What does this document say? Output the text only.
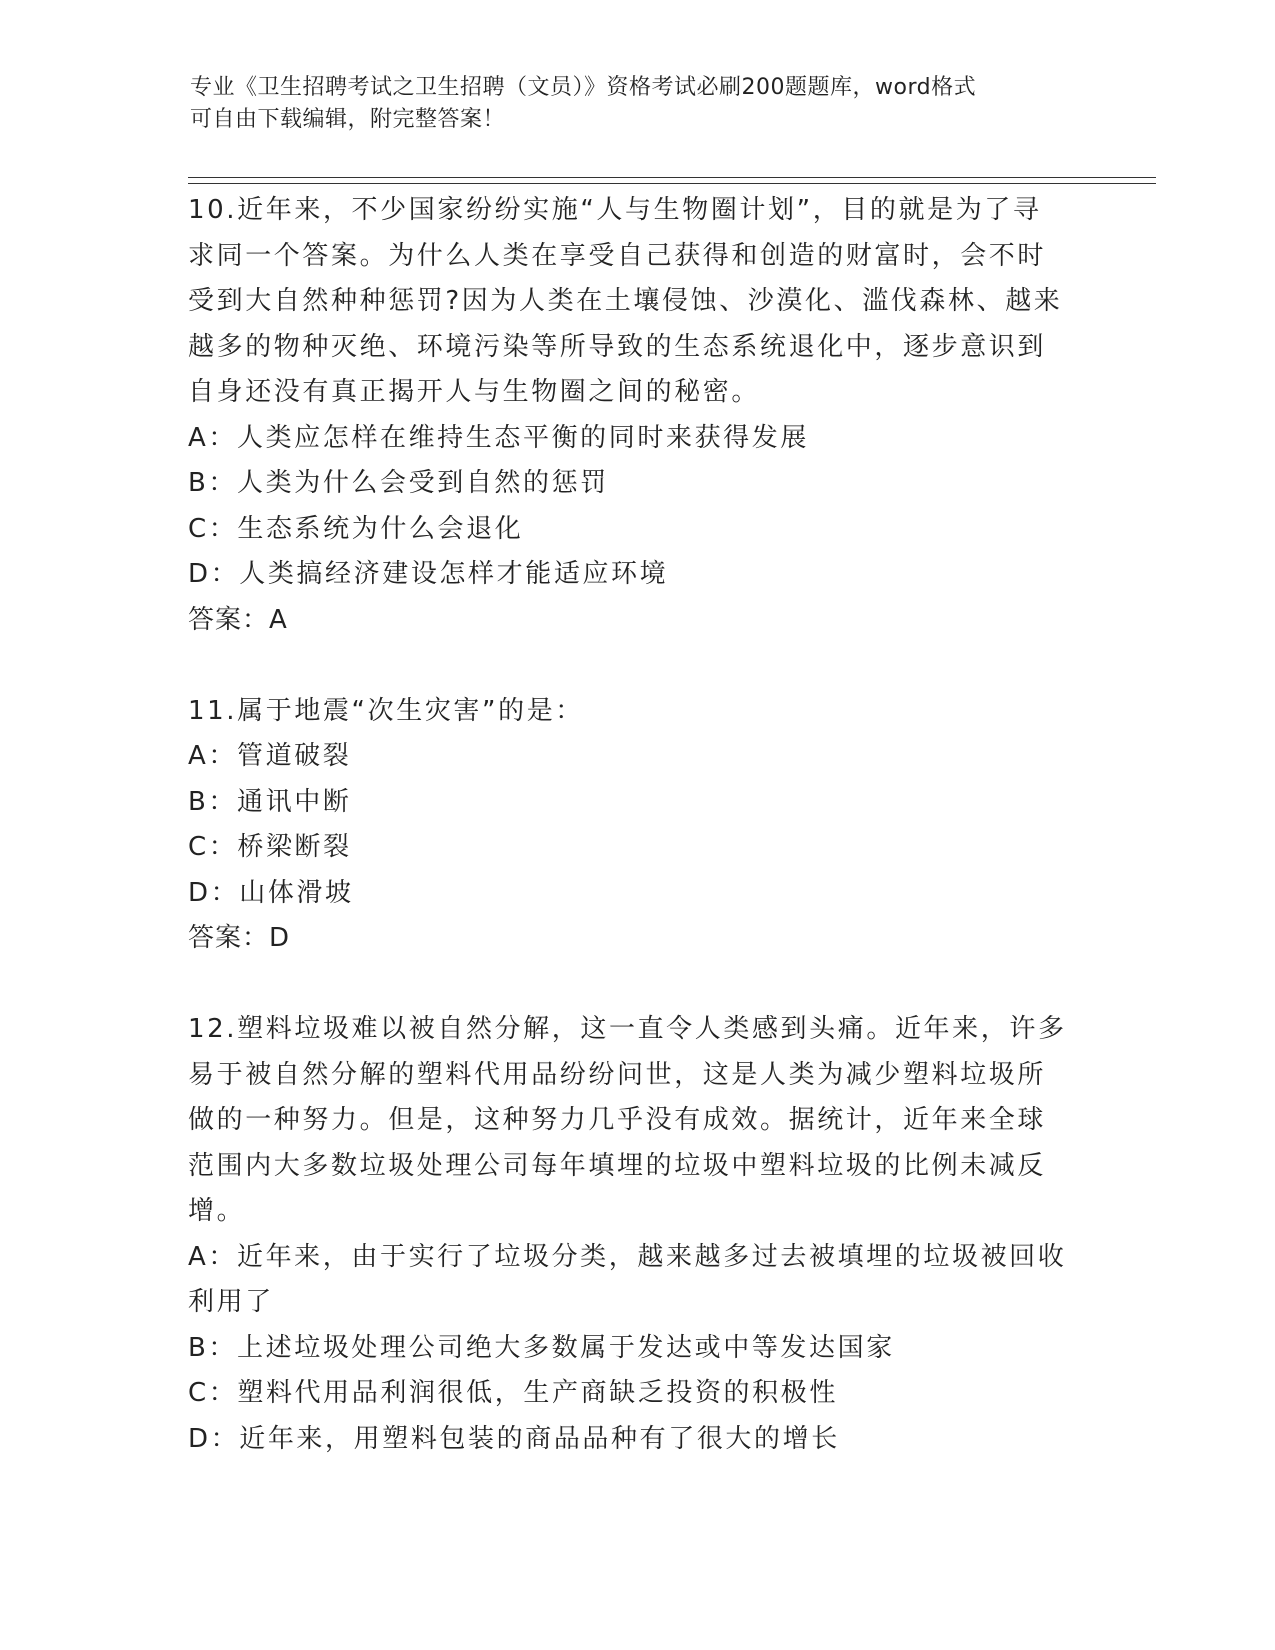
专业《卫生招聘考试之卫生招聘（文员）》资格考试必刷200题题库，word格式
可自由下载编辑，附完整答案！

10.近年来，不少国家纷纷实施“人与生物圈计划”，目的就是为了寻

求同一个答案。为什么人类在享受自己获得和创造的财富时，会不时

受到大自然种种惩罚?因为人类在土壤侵蚀、沙漠化、滥伐森林、越来

越多的物种灭绝、环境污染等所导致的生态系统退化中，逐步意识到

自身还没有真正揭开人与生物圈之间的秘密。

A：人类应怎样在维持生态平衡的同时来获得发展

B：人类为什么会受到自然的惩罚

C：生态系统为什么会退化

D：人类搞经济建设怎样才能适应环境

答案：A

11.属于地震“次生灾害”的是：

A：管道破裂

B：通讯中断

C：桥梁断裂

D：山体滑坡

答案：D

12.塑料垃圾难以被自然分解，这一直令人类感到头痛。近年来，许多

易于被自然分解的塑料代用品纷纷问世，这是人类为减少塑料垃圾所

做的一种努力。但是，这种努力几乎没有成效。据统计，近年来全球

范围内大多数垃圾处理公司每年填埋的垃圾中塑料垃圾的比例未减反

增。

A：近年来，由于实行了垃圾分类，越来越多过去被填埋的垃圾被回收

利用了

B：上述垃圾处理公司绝大多数属于发达或中等发达国家

C：塑料代用品利润很低，生产商缺乏投资的积极性

D：近年来，用塑料包装的商品品种有了很大的增长
